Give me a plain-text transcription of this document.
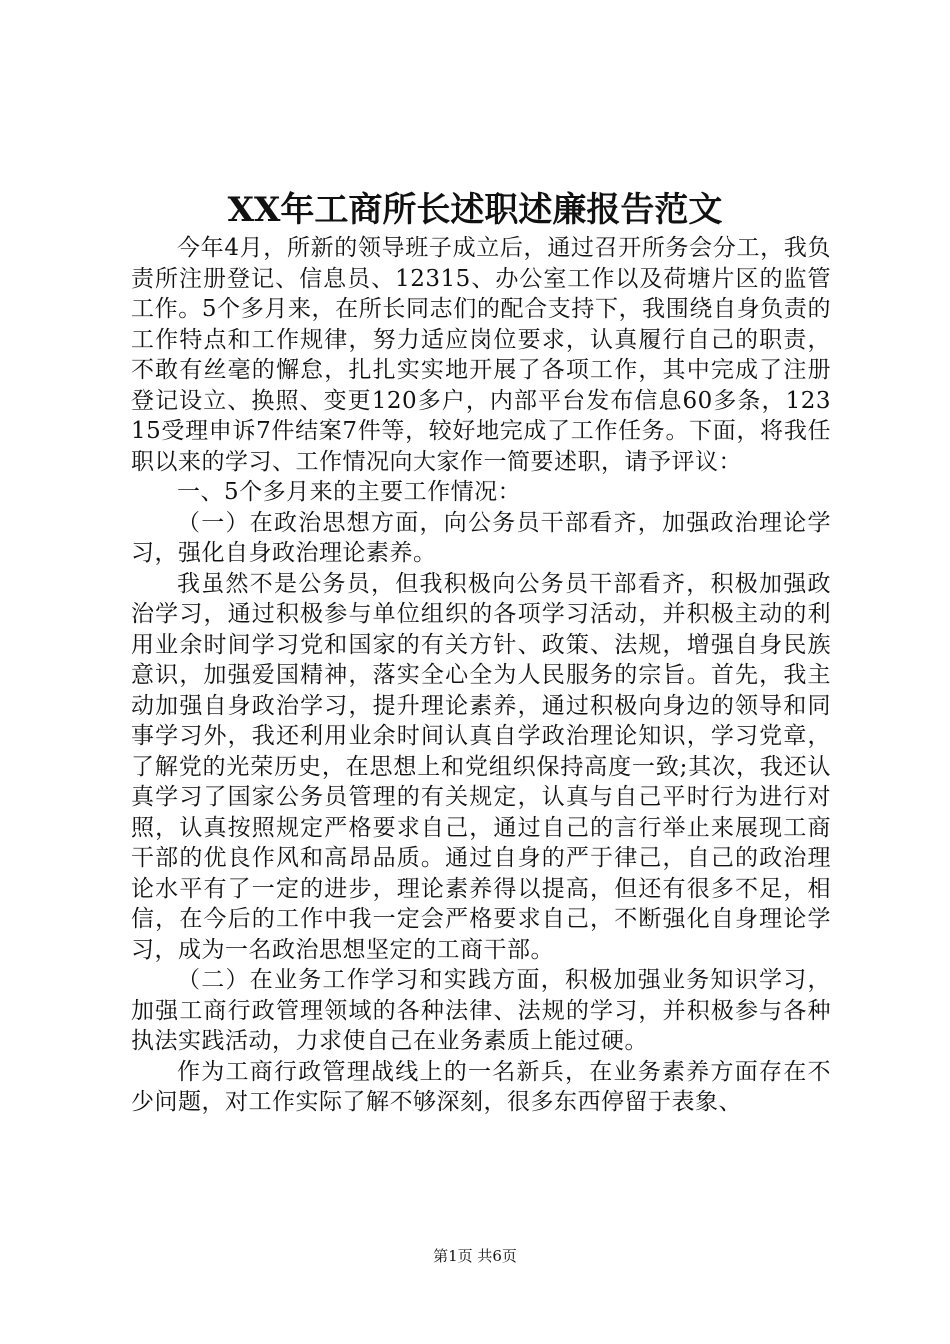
XX年工商所长述职述廉报告范文

今年4月，所新的领导班子成立后，通过召开所务会分工，我负责所注册登记、信息员、12315、办公室工作以及荷塘片区的监管工作。5个多月来，在所长同志们的配合支持下，我围绕自身负责的工作特点和工作规律，努力适应岗位要求，认真履行自己的职责，不敢有丝毫的懈怠，扎扎实实地开展了各项工作，其中完成了注册登记设立、换照、变更120多户，内部平台发布信息60多条，12315受理申诉7件结案7件等，较好地完成了工作任务。下面，将我任职以来的学习、工作情况向大家作一简要述职，请予评议：

一、5个多月来的主要工作情况：

（一）在政治思想方面，向公务员干部看齐，加强政治理论学习，强化自身政治理论素养。

我虽然不是公务员，但我积极向公务员干部看齐，积极加强政治学习，通过积极参与单位组织的各项学习活动，并积极主动的利用业余时间学习党和国家的有关方针、政策、法规，增强自身民族意识，加强爱国精神，落实全心全为人民服务的宗旨。首先，我主动加强自身政治学习，提升理论素养，通过积极向身边的领导和同事学习外，我还利用业余时间认真自学政治理论知识，学习党章，了解党的光荣历史，在思想上和党组织保持高度一致;其次，我还认真学习了国家公务员管理的有关规定，认真与自己平时行为进行对照，认真按照规定严格要求自己，通过自己的言行举止来展现工商干部的优良作风和高昂品质。通过自身的严于律己，自己的政治理论水平有了一定的进步，理论素养得以提高，但还有很多不足，相信，在今后的工作中我一定会严格要求自己，不断强化自身理论学习，成为一名政治思想坚定的工商干部。

（二）在业务工作学习和实践方面，积极加强业务知识学习，加强工商行政管理领域的各种法律、法规的学习，并积极参与各种执法实践活动，力求使自己在业务素质上能过硬。

作为工商行政管理战线上的一名新兵，在业务素养方面存在不少问题，对工作实际了解不够深刻，很多东西停留于表象、

第1页 共6页
